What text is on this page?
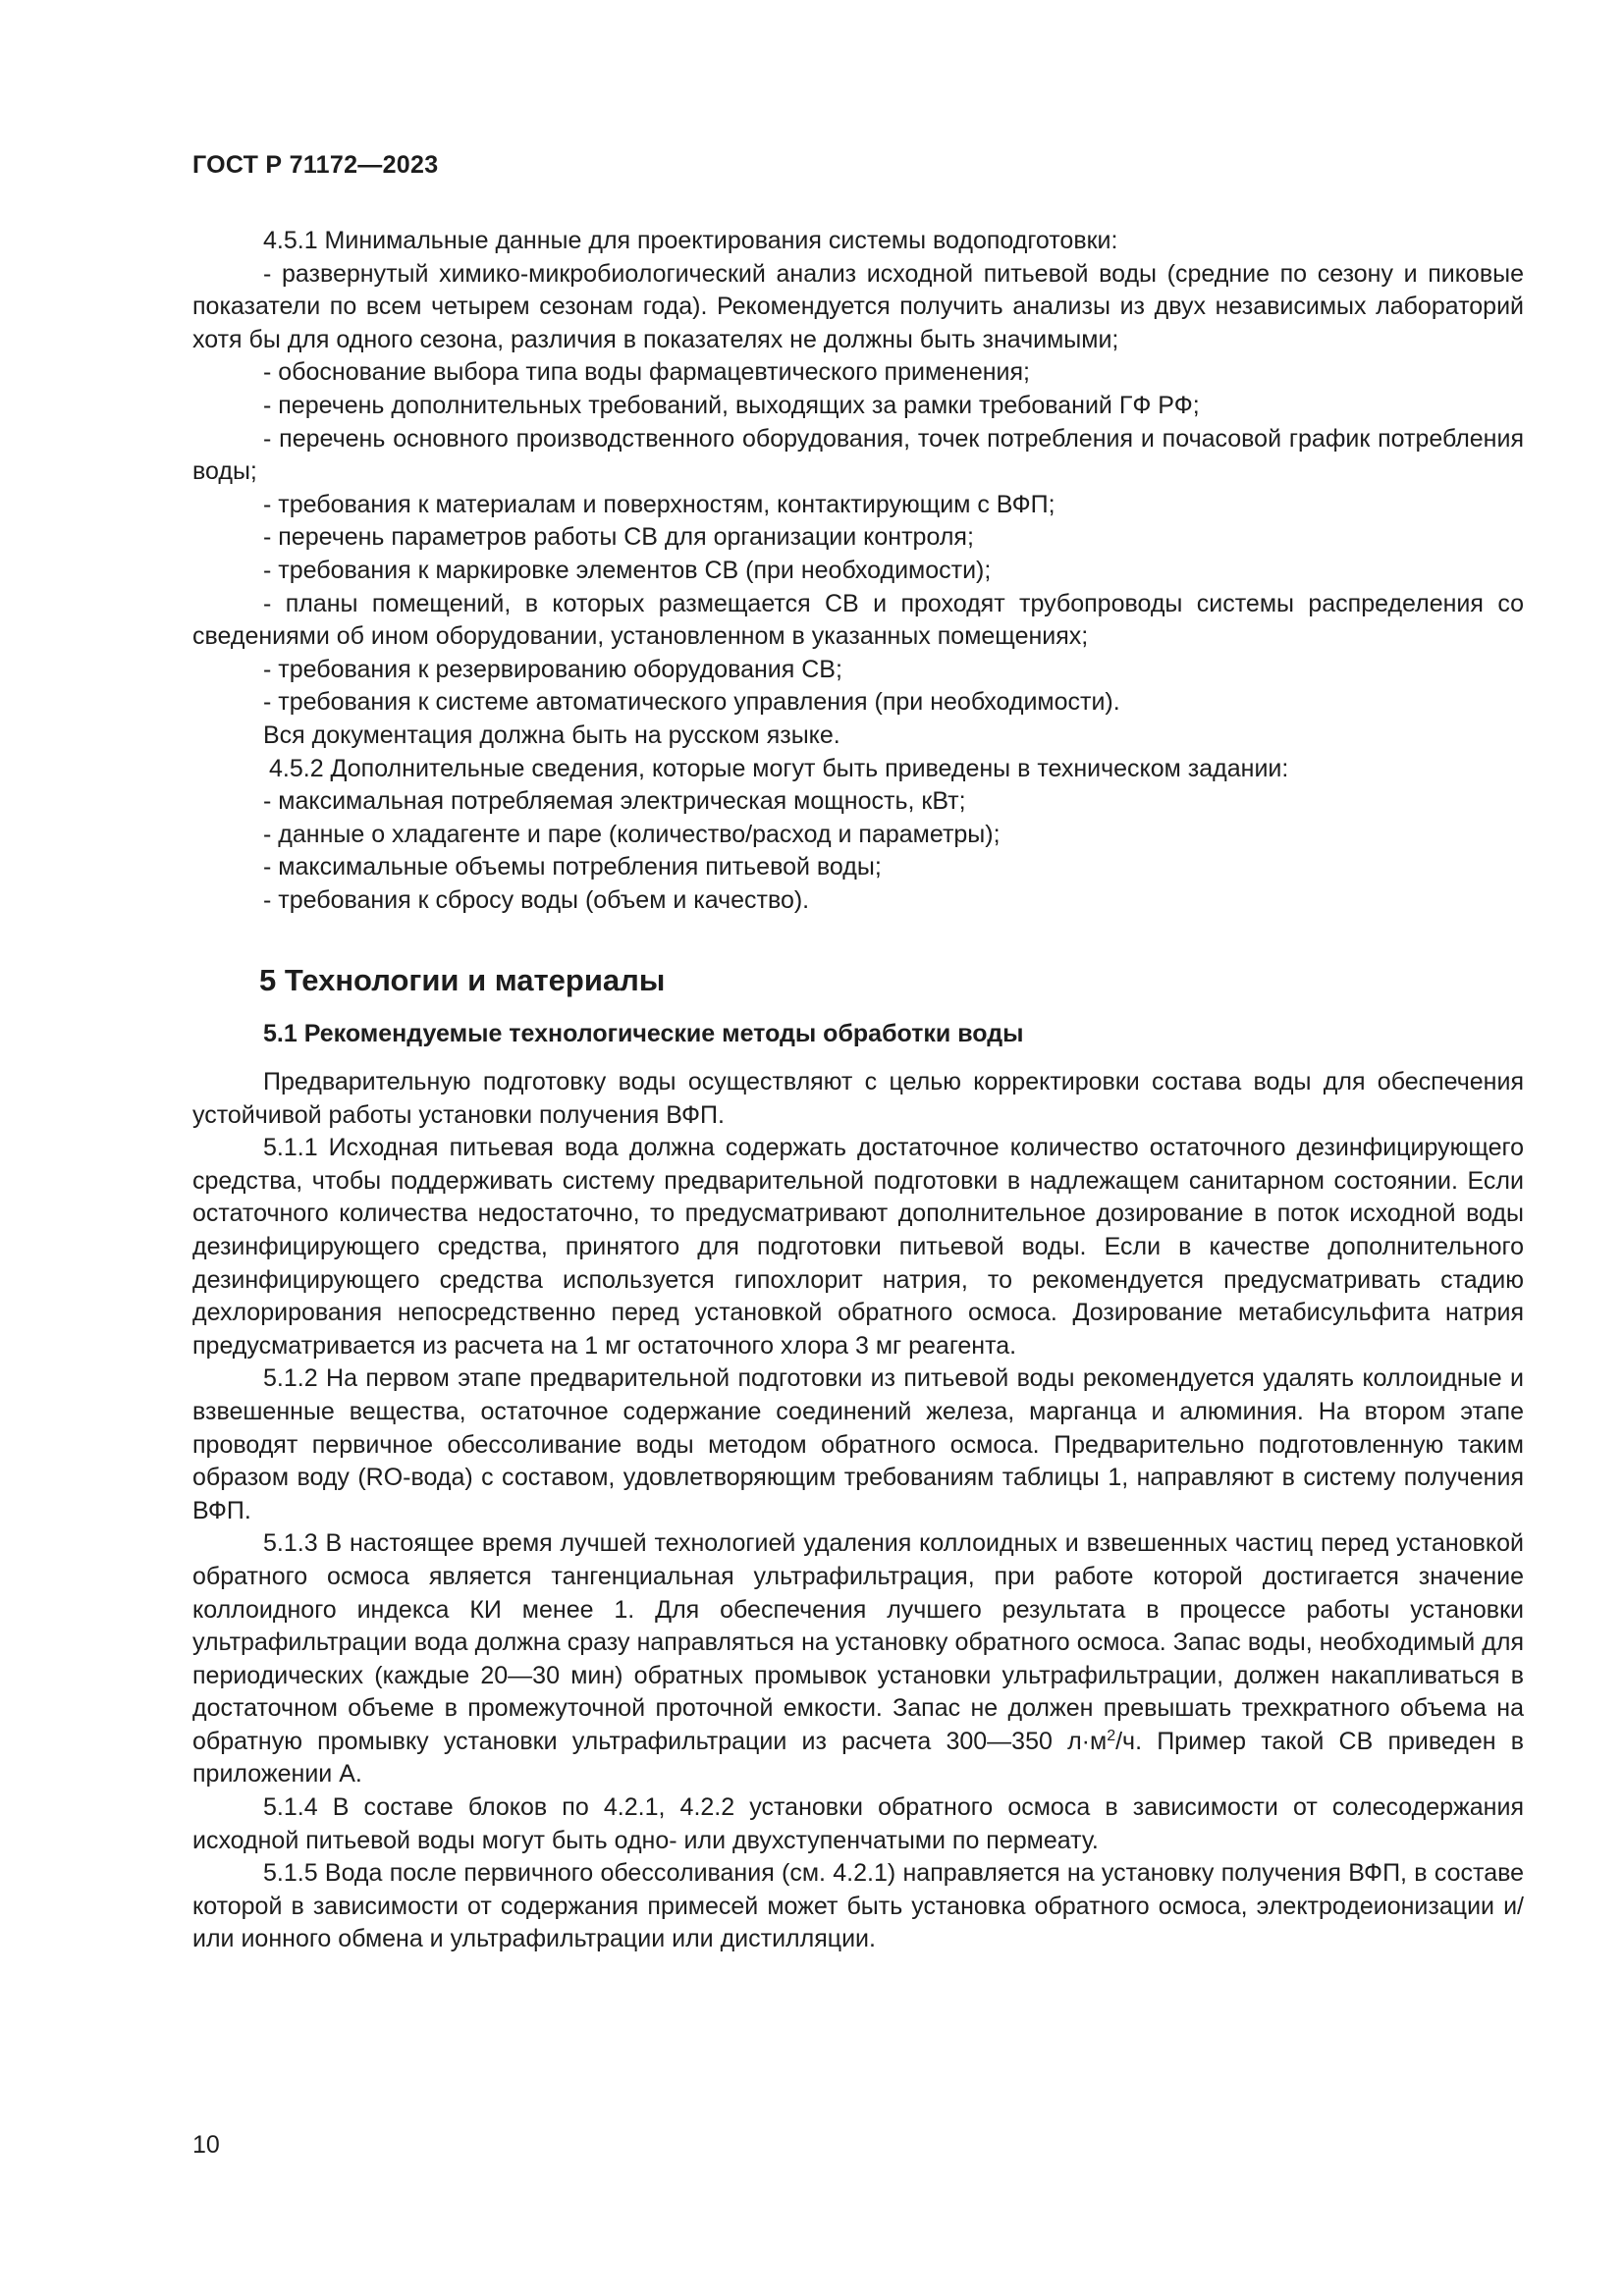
ГОСТ Р 71172—2023

4.5.1 Минимальные данные для проектирования системы водоподготовки:

- развернутый химико-микробиологический анализ исходной питьевой воды (средние по сезону и пиковые показатели по всем четырем сезонам года). Рекомендуется получить анализы из двух независимых лабораторий хотя бы для одного сезона, различия в показателях не должны быть значимыми;

- обоснование выбора типа воды фармацевтического применения;

- перечень дополнительных требований, выходящих за рамки требований ГФ РФ;

- перечень основного производственного оборудования, точек потребления и почасовой график потребления воды;

- требования к материалам и поверхностям, контактирующим с ВФП;

- перечень параметров работы СВ для организации контроля;

- требования к маркировке элементов СВ (при необходимости);

- планы помещений, в которых размещается СВ и проходят трубопроводы системы распределения со сведениями об ином оборудовании, установленном в указанных помещениях;

- требования к резервированию оборудования СВ;

- требования к системе автоматического управления (при необходимости).

Вся документация должна быть на русском языке.

4.5.2 Дополнительные сведения, которые могут быть приведены в техническом задании:

- максимальная потребляемая электрическая мощность, кВт;

- данные о хладагенте и паре (количество/расход и параметры);

- максимальные объемы потребления питьевой воды;

- требования к сбросу воды (объем и качество).

5 Технологии и материалы
5.1 Рекомендуемые технологические методы обработки воды

Предварительную подготовку воды осуществляют с целью корректировки состава воды для обеспечения устойчивой работы установки получения ВФП.

5.1.1 Исходная питьевая вода должна содержать достаточное количество остаточного дезинфицирующего средства, чтобы поддерживать систему предварительной подготовки в надлежащем санитарном состоянии. Если остаточного количества недостаточно, то предусматривают дополнительное дозирование в поток исходной воды дезинфицирующего средства, принятого для подготовки питьевой воды. Если в качестве дополнительного дезинфицирующего средства используется гипохлорит натрия, то рекомендуется предусматривать стадию дехлорирования непосредственно перед установкой обратного осмоса. Дозирование метабисульфита натрия предусматривается из расчета на 1 мг остаточного хлора 3 мг реагента.

5.1.2 На первом этапе предварительной подготовки из питьевой воды рекомендуется удалять коллоидные и взвешенные вещества, остаточное содержание соединений железа, марганца и алюминия. На втором этапе проводят первичное обессоливание воды методом обратного осмоса. Предварительно подготовленную таким образом воду (RO-вода) с составом, удовлетворяющим требованиям таблицы 1, направляют в систему получения ВФП.

5.1.3 В настоящее время лучшей технологией удаления коллоидных и взвешенных частиц перед установкой обратного осмоса является тангенциальная ультрафильтрация, при работе которой достигается значение коллоидного индекса КИ менее 1. Для обеспечения лучшего результата в процессе работы установки ультрафильтрации вода должна сразу направляться на установку обратного осмоса. Запас воды, необходимый для периодических (каждые 20—30 мин) обратных промывок установки ультрафильтрации, должен накапливаться в достаточном объеме в промежуточной проточной емкости. Запас не должен превышать трехкратного объема на обратную промывку установки ультрафильтрации из расчета 300—350 $л\cdot м^2/ч$. Пример такой СВ приведен в приложении А.

5.1.4 В составе блоков по 4.2.1, 4.2.2 установки обратного осмоса в зависимости от солесодержания исходной питьевой воды могут быть одно- или двухступенчатыми по пермеату.

5.1.5 Вода после первичного обессоливания (см. 4.2.1) направляется на установку получения ВФП, в составе которой в зависимости от содержания примесей может быть установка обратного осмоса, электродеионизации и/или ионного обмена и ультрафильтрации или дистилляции.

10
